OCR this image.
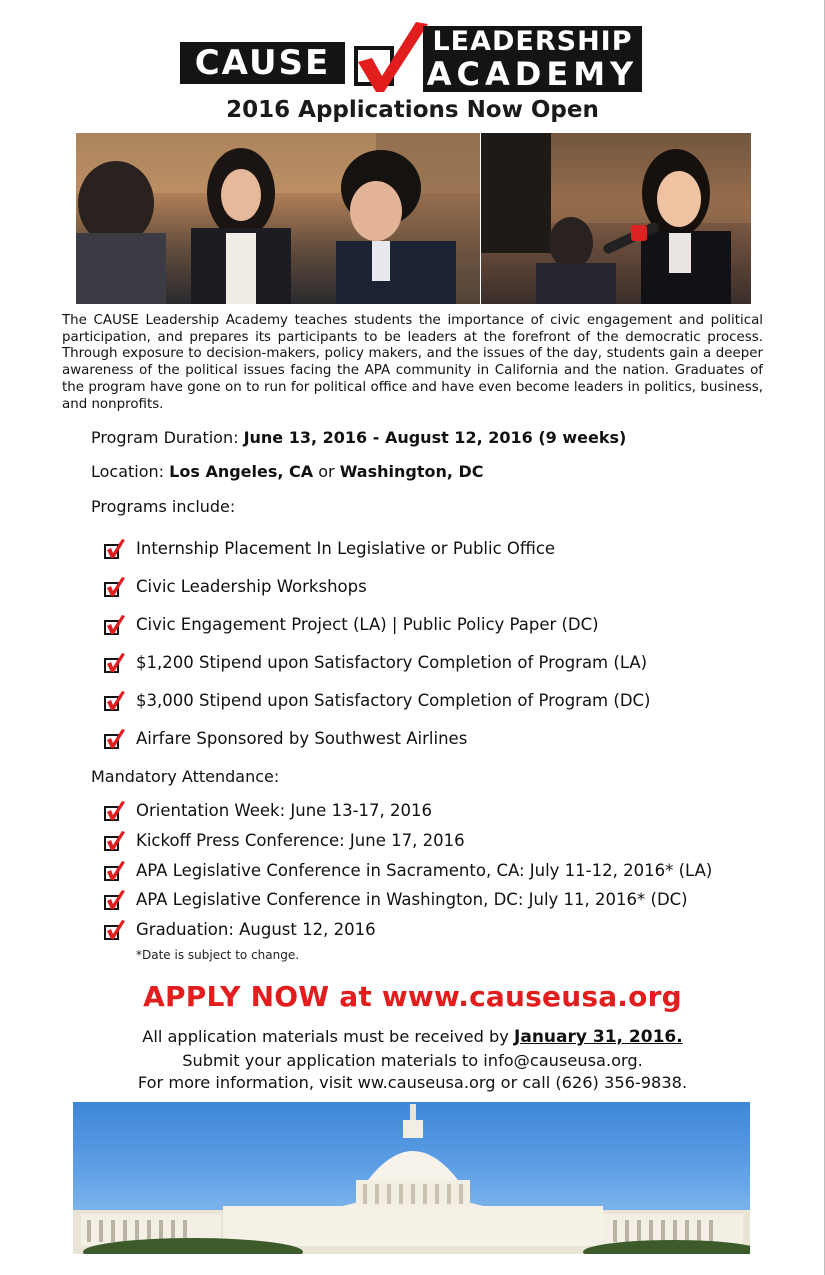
CAUSE
LEADERSHIP
ACADEMY
2016 Applications Now Open
The CAUSE Leadership Academy teaches students the importance of civic engagement and political participation, and prepares its participants to be leaders at the forefront of the democratic process. Through exposure to decision-makers, policy makers, and the issues of the day, students gain a deeper awareness of the political issues facing the APA community in California and the nation. Graduates of the program have gone on to run for political office and have even become leaders in politics, business, and nonprofits.
Program Duration: June 13, 2016 - August 12, 2016 (9 weeks)
Location: Los Angeles, CA or Washington, DC
Programs include:
Internship Placement In Legislative or Public Office
Civic Leadership Workshops
Civic Engagement Project (LA) | Public Policy Paper (DC)
$1,200 Stipend upon Satisfactory Completion of Program (LA)
$3,000 Stipend upon Satisfactory Completion of Program (DC)
Airfare Sponsored by Southwest Airlines
Mandatory Attendance:
Orientation Week: June 13-17, 2016
Kickoff Press Conference: June 17, 2016
APA Legislative Conference in Sacramento, CA: July 11-12, 2016* (LA)
APA Legislative Conference in Washington, DC: July 11, 2016* (DC)
Graduation: August 12, 2016
*Date is subject to change.
APPLY NOW at www.causeusa.org
All application materials must be received by January 31, 2016.
Submit your application materials to info@causeusa.org.
For more information, visit ww.causeusa.org or call (626) 356-9838.
